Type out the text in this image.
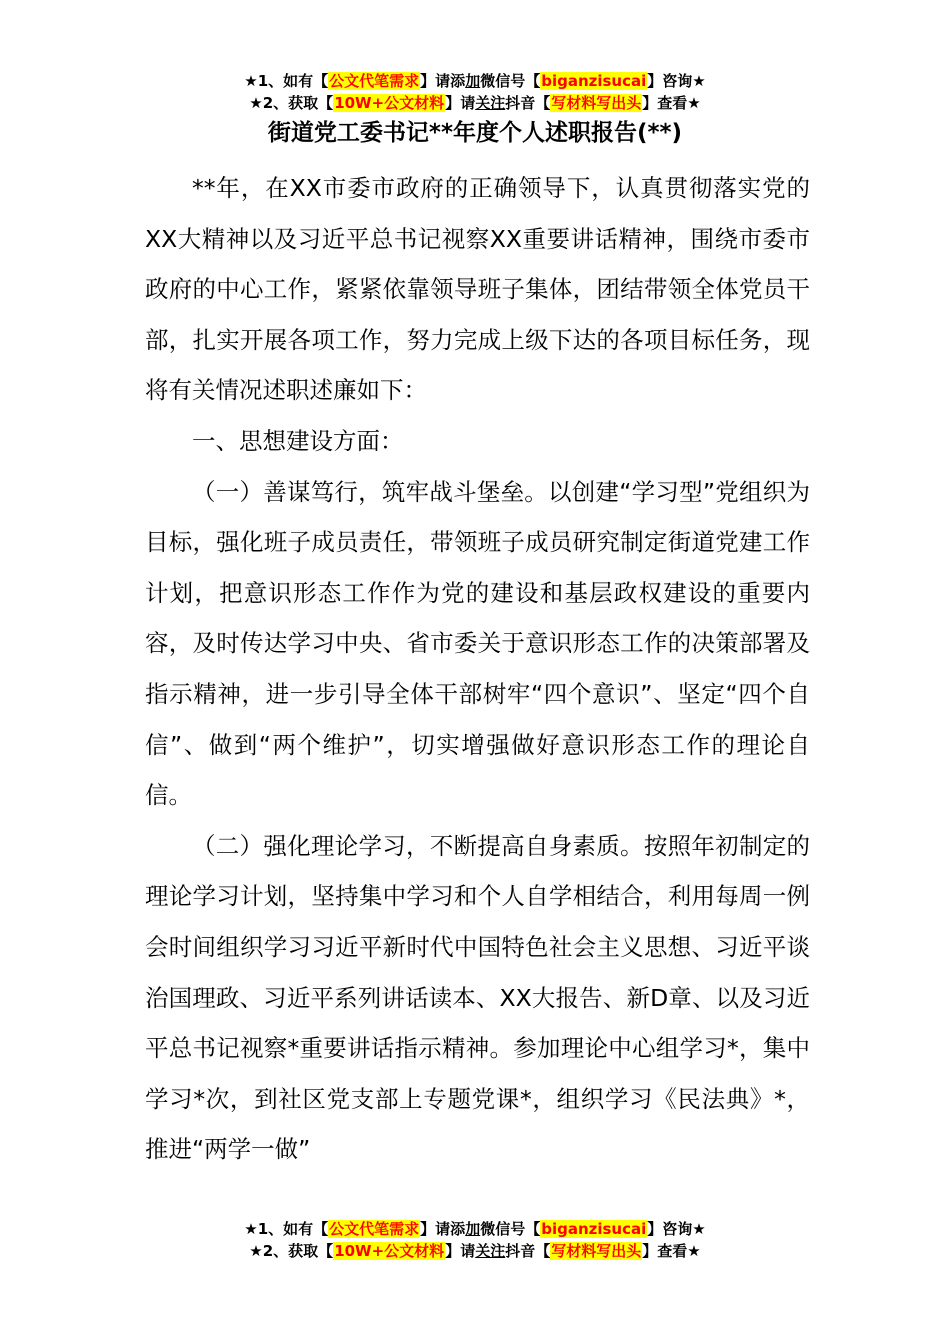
★1、如有【公文代笔需求】请添加微信号【biganzisucai】咨询★
★2、获取【10W+公文材料】请关注抖音【写材料写出头】查看★
街道党工委书记**年度个人述职报告(**)

**年，在XX市委市政府的正确领导下，认真贯彻落实党的XX大精神以及习近平总书记视察XX重要讲话精神，围绕市委市政府的中心工作，紧紧依靠领导班子集体，团结带领全体党员干部，扎实开展各项工作，努力完成上级下达的各项目标任务，现将有关情况述职述廉如下：

一、思想建设方面：

（一）善谋笃行，筑牢战斗堡垒。以创建“学习型”党组织为目标，强化班子成员责任，带领班子成员研究制定街道党建工作计划，把意识形态工作作为党的建设和基层政权建设的重要内容，及时传达学习中央、省市委关于意识形态工作的决策部署及指示精神，进一步引导全体干部树牢“四个意识”、坚定“四个自信”、做到“两个维护”，切实增强做好意识形态工作的理论自信。

（二）强化理论学习，不断提高自身素质。按照年初制定的理论学习计划，坚持集中学习和个人自学相结合，利用每周一例会时间组织学习习近平新时代中国特色社会主义思想、习近平谈治国理政、习近平系列讲话读本、XX大报告、新D章、以及习近平总书记视察*重要讲话指示精神。参加理论中心组学习*，集中学习*次，到社区党支部上专题党课*，组织学习《民法典》*，推进“两学一做”

★1、如有【公文代笔需求】请添加微信号【biganzisucai】咨询★
★2、获取【10W+公文材料】请关注抖音【写材料写出头】查看★
